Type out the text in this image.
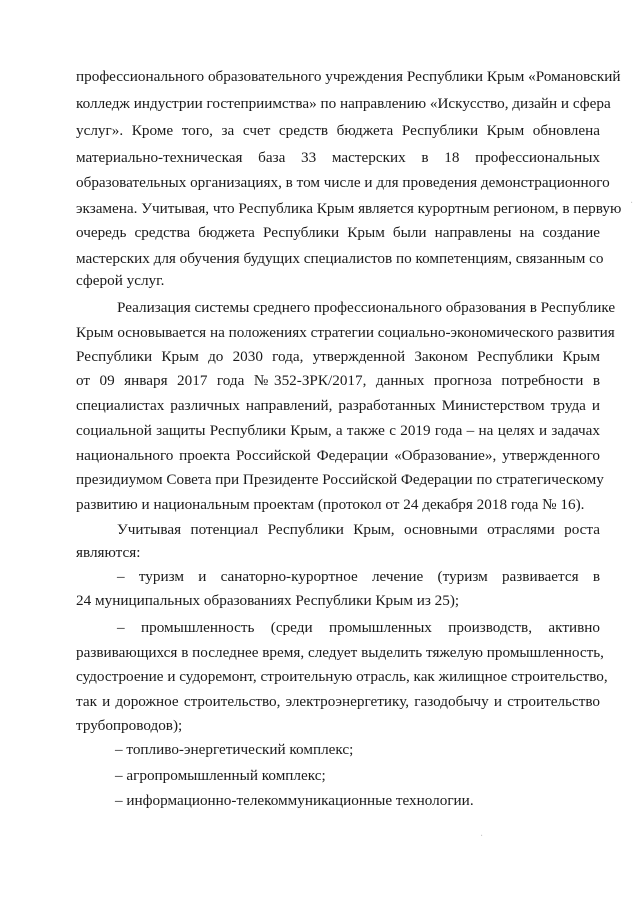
профессионального образовательного учреждения Республики Крым «Романовский
колледж индустрии гостеприимства» по направлению «Искусство, дизайн и сфера
услуг». Кроме того, за счет средств бюджета Республики Крым обновлена
материально-техническая база 33 мастерских в 18 профессиональных
образовательных организациях, в том числе и для проведения демонстрационного
экзамена. Учитывая, что Республика Крым является курортным регионом, в первую
очередь средства бюджета Республики Крым были направлены на создание
мастерских для обучения будущих специалистов по компетенциям, связанным со
сферой услуг.
Реализация системы среднего профессионального образования в Республике
Крым основывается на положениях стратегии социально-экономического развития
Республики Крым до 2030 года, утвержденной Законом Республики Крым
от 09 января 2017 года №352-ЗРК/2017, данных прогноза потребности в
специалистах различных направлений, разработанных Министерством труда и
социальной защиты Республики Крым, а также с 2019 года – на целях и задачах
национального проекта Российской Федерации «Образование», утвержденного
президиумом Совета при Президенте Российской Федерации по стратегическому
развитию и национальным проектам (протокол от 24 декабря 2018 года № 16).
Учитывая потенциал Республики Крым, основными отраслями роста
являются:
– туризм и санаторно-курортное лечение (туризм развивается в
24 муниципальных образованиях Республики Крым из 25);
– промышленность (среди промышленных производств, активно
развивающихся в последнее время, следует выделить тяжелую промышленность,
судостроение и судоремонт, строительную отрасль, как жилищное строительство,
так и дорожное строительство, электроэнергетику, газодобычу и строительство
трубопроводов);
– топливо-энергетический комплекс;
– агропромышленный комплекс;
– информационно-телекоммуникационные технологии.
·
.
